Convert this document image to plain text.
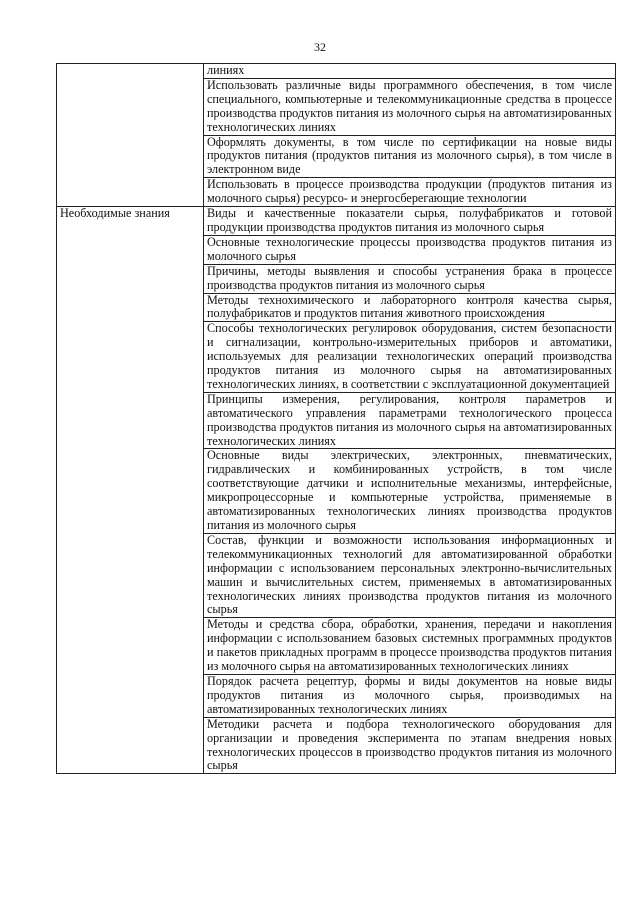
32
	линиях
	Использовать различные виды программного обеспечения, в том числе специального, компьютерные и телекоммуникационные средства в процессе производства продуктов питания из молочного сырья на автоматизированных технологических линиях
	Оформлять документы, в том числе по сертификации на новые виды продуктов питания (продуктов питания из молочного сырья), в том числе в электронном виде
	Использовать в процессе производства продукции (продуктов питания из молочного сырья) ресурсо- и энергосберегающие технологии
Необходимые знания	Виды и качественные показатели сырья, полуфабрикатов и готовой продукции производства продуктов питания из молочного сырья
	Основные технологические процессы производства продуктов питания из молочного сырья
	Причины, методы выявления и способы устранения брака в процессе производства продуктов питания из молочного сырья
	Методы технохимического и лабораторного контроля качества сырья, полуфабрикатов и продуктов питания животного происхождения
	Способы технологических регулировок оборудования, систем безопасности и сигнализации, контрольно-измерительных приборов и автоматики, используемых для реализации технологических операций производства продуктов питания из молочного сырья на автоматизированных технологических линиях, в соответствии с эксплуатационной документацией
	Принципы измерения, регулирования, контроля параметров и автоматического управления параметрами технологического процесса производства продуктов питания из молочного сырья на автоматизированных технологических линиях
	Основные виды электрических, электронных, пневматических, гидравлических и комбинированных устройств, в том числе соответствующие датчики и исполнительные механизмы, интерфейсные, микропроцессорные и компьютерные устройства, применяемые в автоматизированных технологических линиях производства продуктов питания из молочного сырья
	Состав, функции и возможности использования информационных и телекоммуникационных технологий для автоматизированной обработки информации с использованием персональных электронно-вычислительных машин и вычислительных систем, применяемых в автоматизированных технологических линиях производства продуктов питания из молочного сырья
	Методы и средства сбора, обработки, хранения, передачи и накопления информации с использованием базовых системных программных продуктов и пакетов прикладных программ в процессе производства продуктов питания из молочного сырья на автоматизированных технологических линиях
	Порядок расчета рецептур, формы и виды документов на новые виды продуктов питания из молочного сырья, производимых на автоматизированных технологических линиях
	Методики расчета и подбора технологического оборудования для организации и проведения эксперимента по этапам внедрения новых технологических процессов в производство продуктов питания из молочного сырья
